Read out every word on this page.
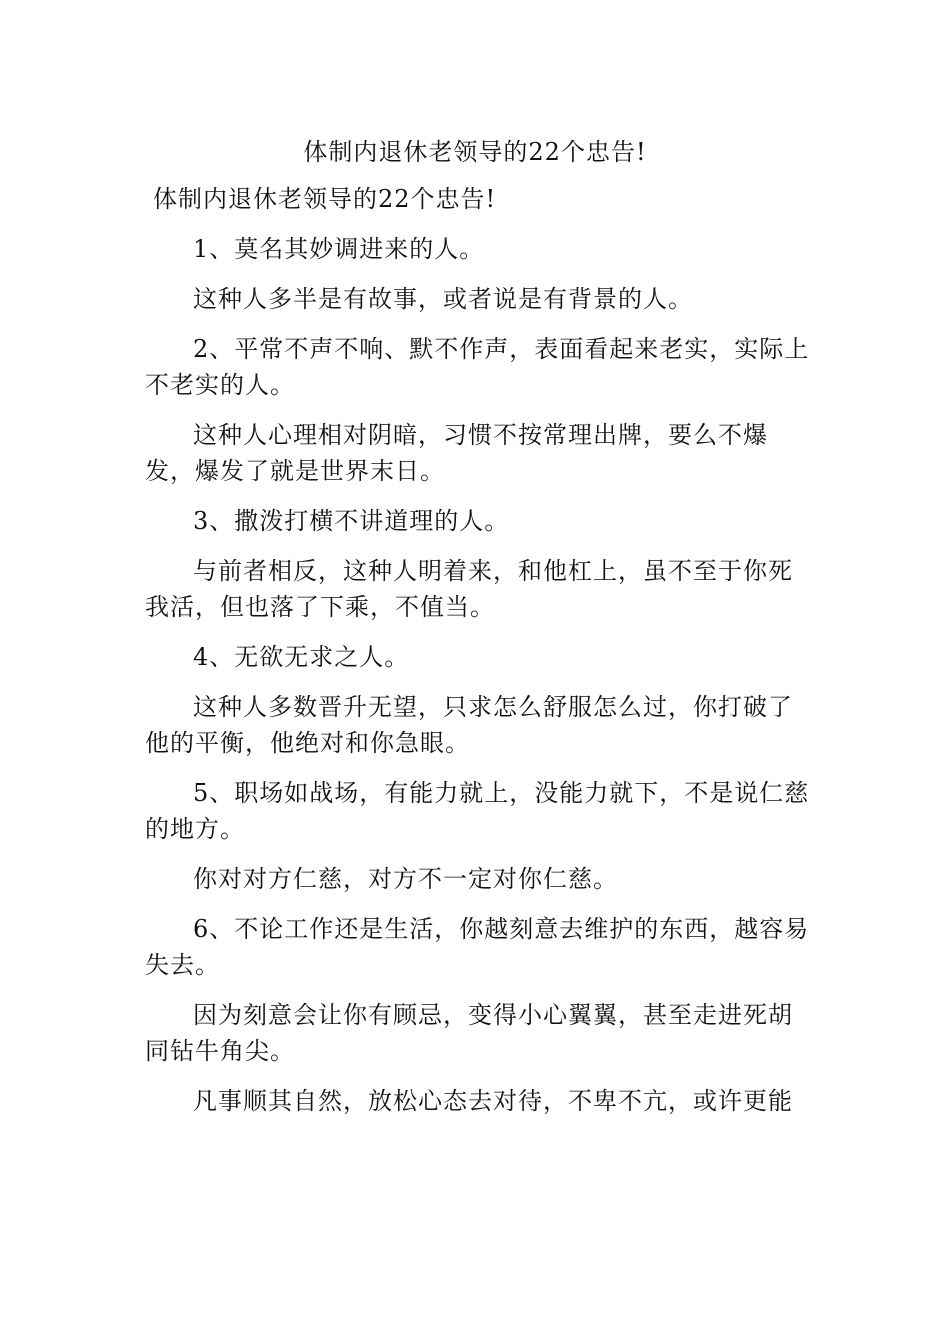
体制内退休老领导的22个忠告!

体制内退休老领导的22个忠告!

1、莫名其妙调进来的人。

这种人多半是有故事，或者说是有背景的人。

2、平常不声不响、默不作声，表面看起来老实，实际上不老实的人。

这种人心理相对阴暗，习惯不按常理出牌，要么不爆发，爆发了就是世界末日。

3、撒泼打横不讲道理的人。

与前者相反，这种人明着来，和他杠上，虽不至于你死我活，但也落了下乘，不值当。

4、无欲无求之人。

这种人多数晋升无望，只求怎么舒服怎么过，你打破了他的平衡，他绝对和你急眼。

5、职场如战场，有能力就上，没能力就下，不是说仁慈的地方。

你对对方仁慈，对方不一定对你仁慈。

6、不论工作还是生活，你越刻意去维护的东西，越容易失去。

因为刻意会让你有顾忌，变得小心翼翼，甚至走进死胡同钻牛角尖。

凡事顺其自然，放松心态去对待，不卑不亢，或许更能
